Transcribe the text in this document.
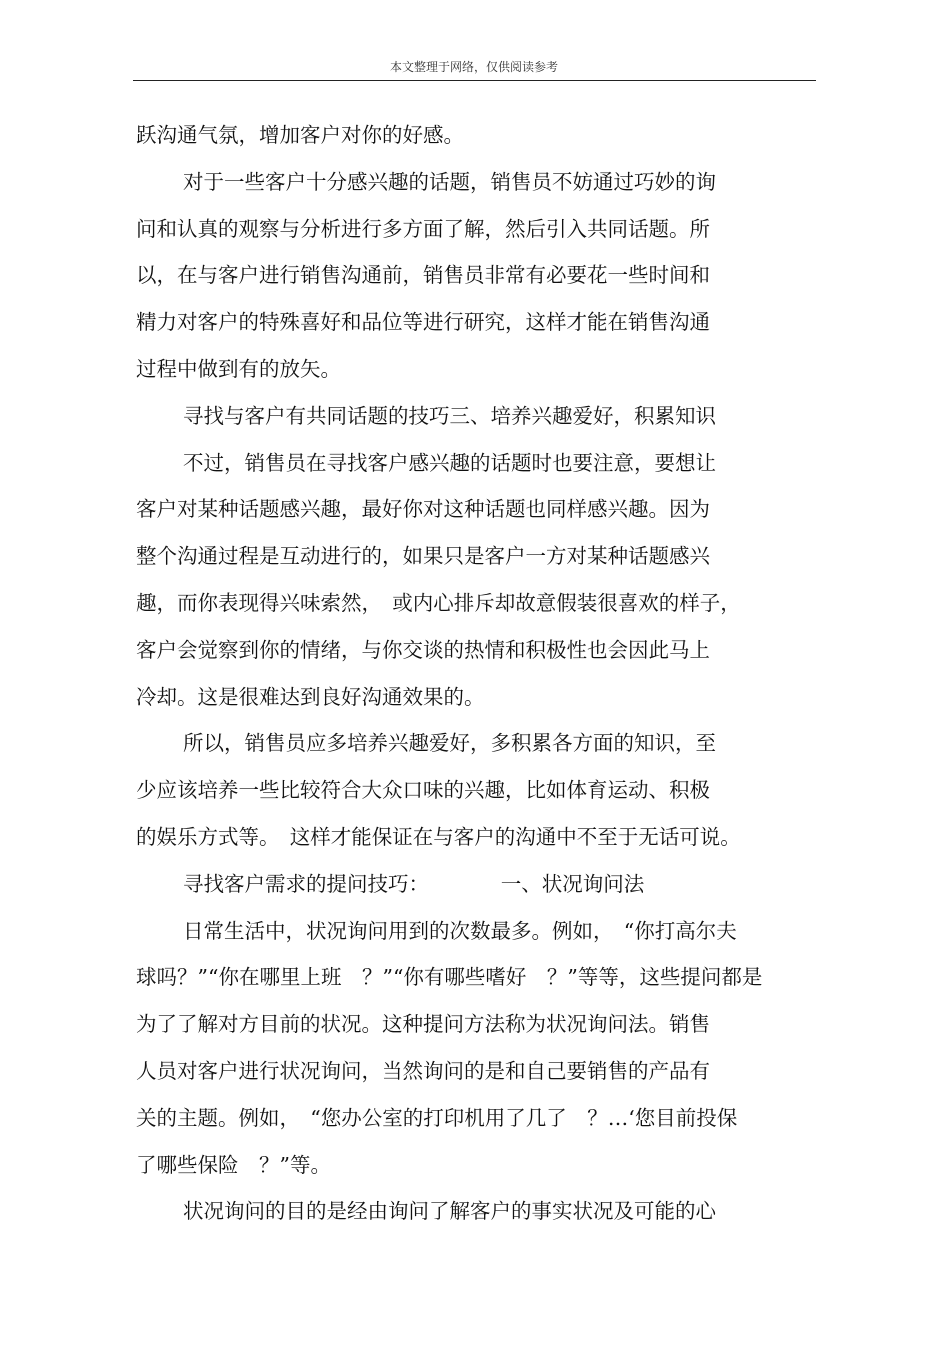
本文整理于网络，仅供阅读参考
跃沟通气氛，增加客户对你的好感。
对于一些客户十分感兴趣的话题，销售员不妨通过巧妙的询
问和认真的观察与分析进行多方面了解，然后引入共同话题。所
以，在与客户进行销售沟通前，销售员非常有必要花一些时间和
精力对客户的特殊喜好和品位等进行研究，这样才能在销售沟通
过程中做到有的放矢。
寻找与客户有共同话题的技巧三、培养兴趣爱好，积累知识
不过，销售员在寻找客户感兴趣的话题时也要注意，要想让
客户对某种话题感兴趣，最好你对这种话题也同样感兴趣。因为
整个沟通过程是互动进行的，如果只是客户一方对某种话题感兴
趣，而你表现得兴味索然，　或内心排斥却故意假装很喜欢的样子，
客户会觉察到你的情绪，与你交谈的热情和积极性也会因此马上
冷却。这是很难达到良好沟通效果的。
所以，销售员应多培养兴趣爱好，多积累各方面的知识，至
少应该培养一些比较符合大众口味的兴趣，比如体育运动、积极
的娱乐方式等。　这样才能保证在与客户的沟通中不至于无话可说。
寻找客户需求的提问技巧：　　　　一、状况询问法
日常生活中，状况询问用到的次数最多。例如，　“你打高尔夫
球吗？”“你在哪里上班　？”“你有哪些嗜好　？”等等，这些提问都是
为了了解对方目前的状况。这种提问方法称为状况询问法。销售
人员对客户进行状况询问，当然询问的是和自己要销售的产品有
关的主题。例如，　“您办公室的打印机用了几了　？…‘您目前投保
了哪些保险　？”等。
状况询问的目的是经由询问了解客户的事实状况及可能的心
